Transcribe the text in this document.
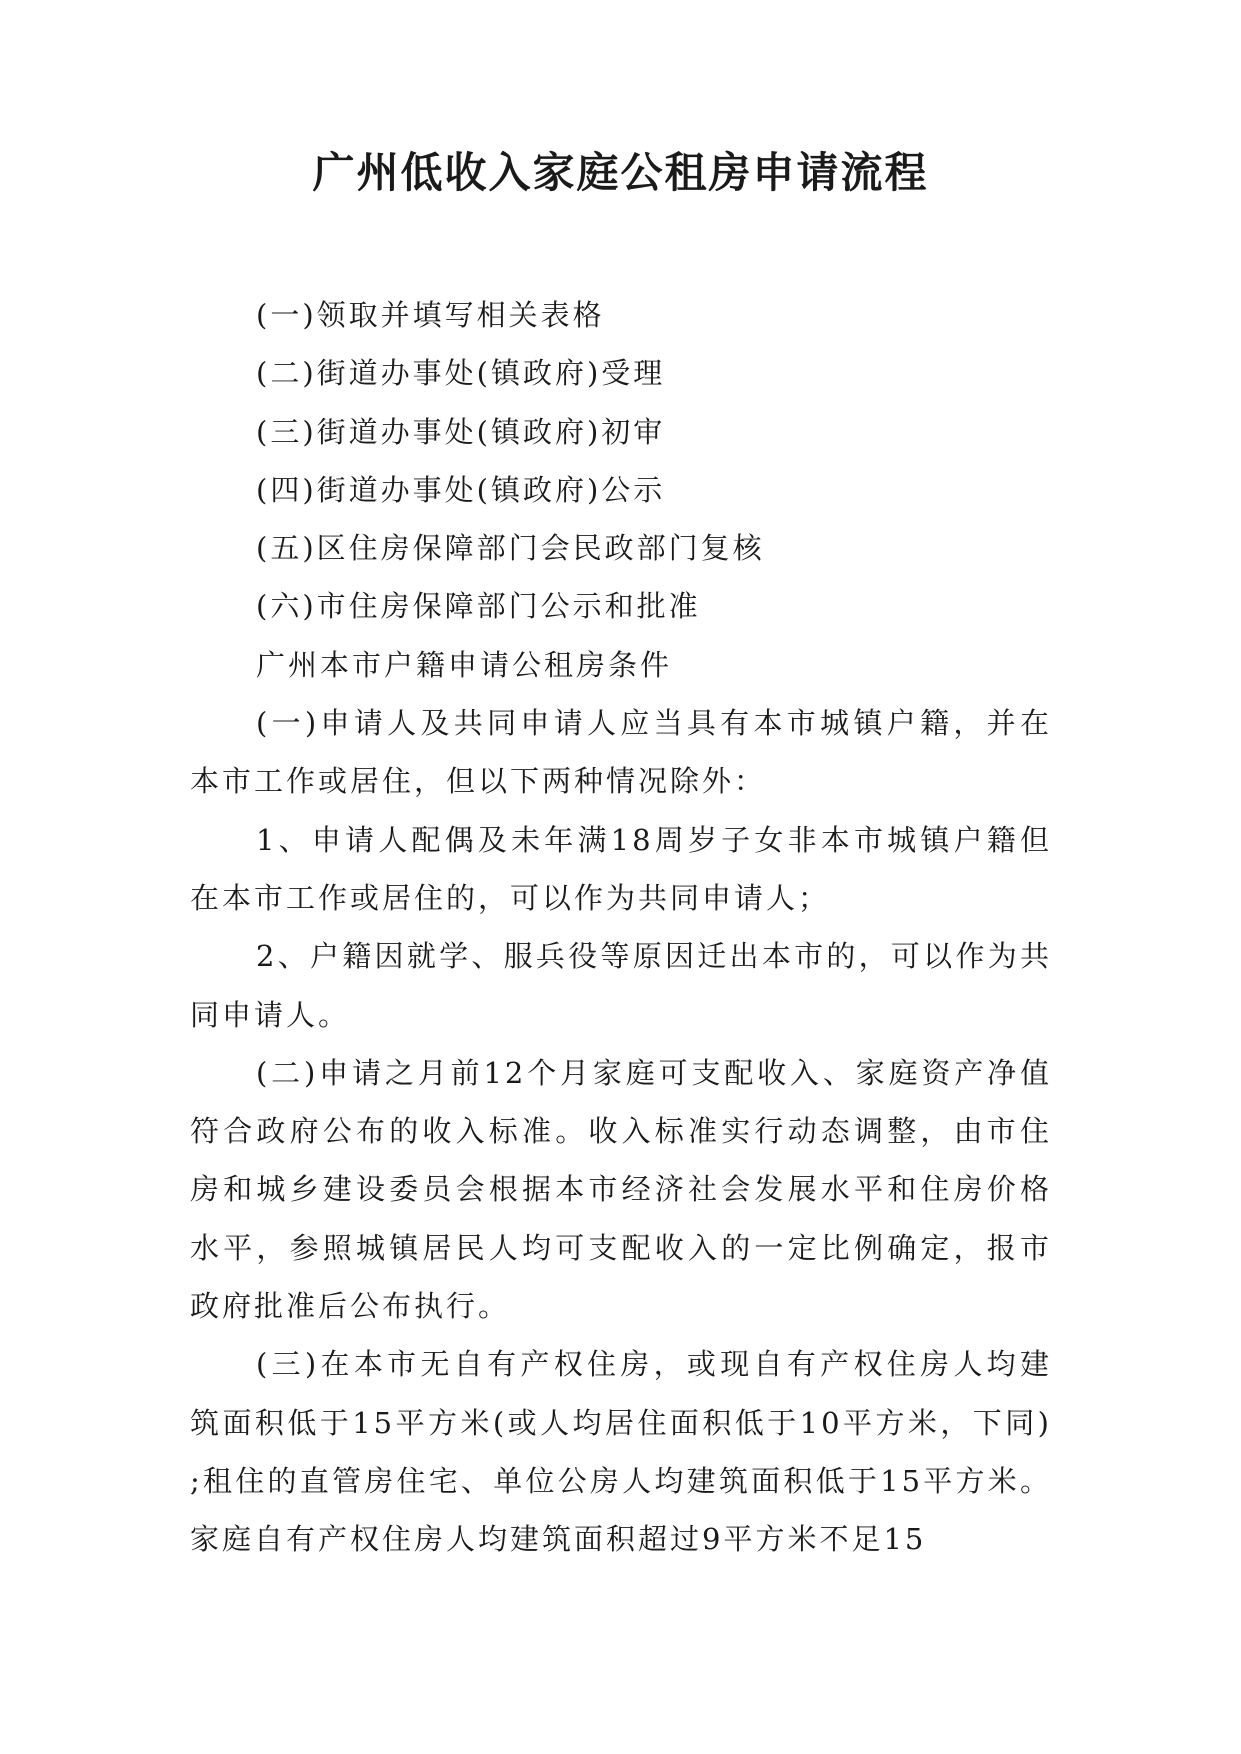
广州低收入家庭公租房申请流程

(一)领取并填写相关表格

(二)街道办事处(镇政府)受理

(三)街道办事处(镇政府)初审

(四)街道办事处(镇政府)公示

(五)区住房保障部门会民政部门复核

(六)市住房保障部门公示和批准

广州本市户籍申请公租房条件

(一)申请人及共同申请人应当具有本市城镇户籍，并在本市工作或居住，但以下两种情况除外：

1、申请人配偶及未年满18周岁子女非本市城镇户籍但在本市工作或居住的，可以作为共同申请人；

2、户籍因就学、服兵役等原因迁出本市的，可以作为共同申请人。

(二)申请之月前12个月家庭可支配收入、家庭资产净值符合政府公布的收入标准。收入标准实行动态调整，由市住房和城乡建设委员会根据本市经济社会发展水平和住房价格水平，参照城镇居民人均可支配收入的一定比例确定，报市政府批准后公布执行。

(三)在本市无自有产权住房，或现自有产权住房人均建筑面积低于15平方米(或人均居住面积低于10平方米，下同);租住的直管房住宅、单位公房人均建筑面积低于15平方米。家庭自有产权住房人均建筑面积超过9平方米不足15
